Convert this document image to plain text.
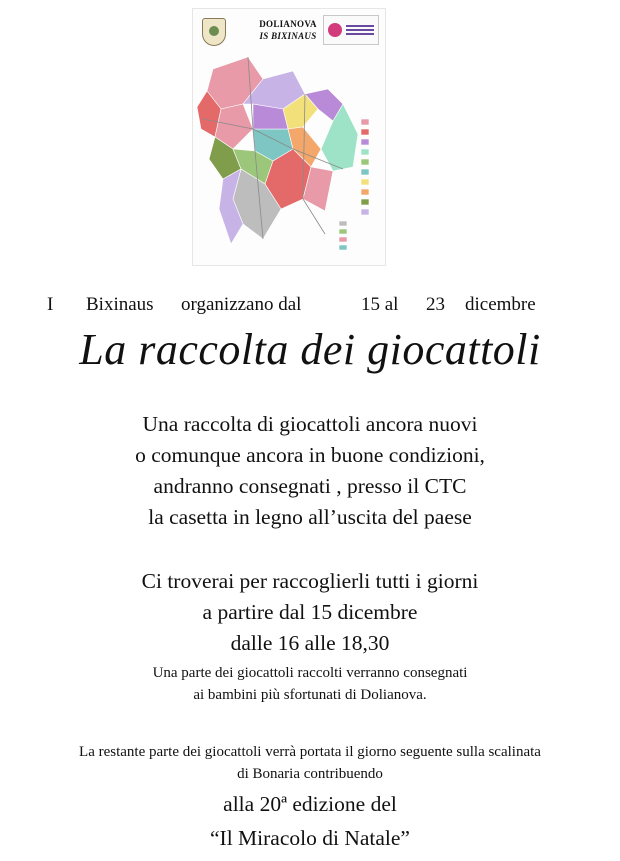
DOLIANOVA
IS BIXINAUS
I Bixinaus organizzano dal	15 al 23 dicembre
La raccolta dei giocattoli
Una raccolta di giocattoli ancora nuovi
o comunque ancora in buone condizioni,
andranno consegnati , presso il CTC
la casetta in legno all’uscita del paese
Ci troverai per raccoglierli tutti i giorni
a partire dal 15 dicembre
dalle 16 alle 18,30
Una parte dei giocattoli raccolti verranno consegnati
ai bambini più sfortunati di Dolianova.
La restante parte dei giocattoli verrà portata il giorno seguente sulla scalinata
di Bonaria contribuendo
alla 20ª edizione del
“Il Miracolo di Natale”
